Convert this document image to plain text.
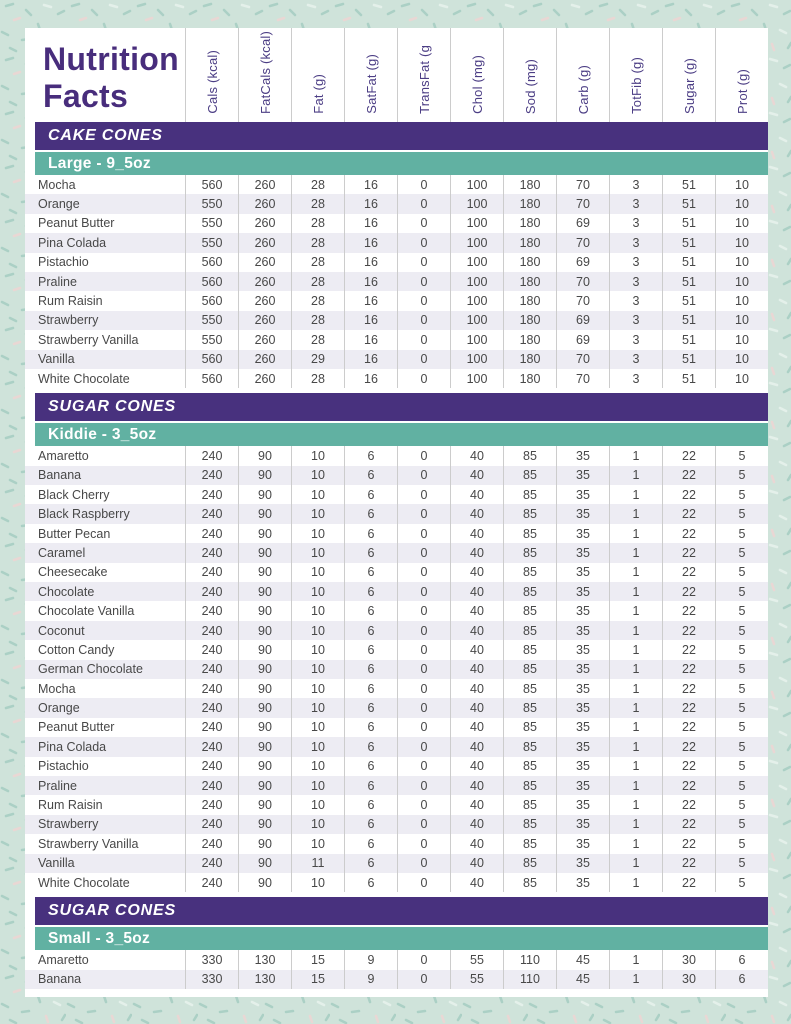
Nutrition
Facts	Cals (kcal)	FatCals (kcal)	Fat (g)	SatFat (g)	TransFat (g	Chol (mg)	Sod (mg)	Carb (g)	TotFib (g)	Sugar (g)	Prot (g)
CAKE CONES
Large - 9_5oz
Mocha	560	260	28	16	0	100	180	70	3	51	10
Orange	550	260	28	16	0	100	180	70	3	51	10
Peanut Butter	550	260	28	16	0	100	180	69	3	51	10
Pina Colada	550	260	28	16	0	100	180	70	3	51	10
Pistachio	560	260	28	16	0	100	180	69	3	51	10
Praline	560	260	28	16	0	100	180	70	3	51	10
Rum Raisin	560	260	28	16	0	100	180	70	3	51	10
Strawberry	550	260	28	16	0	100	180	69	3	51	10
Strawberry Vanilla	550	260	28	16	0	100	180	69	3	51	10
Vanilla	560	260	29	16	0	100	180	70	3	51	10
White Chocolate	560	260	28	16	0	100	180	70	3	51	10
SUGAR CONES
Kiddie - 3_5oz
Amaretto	240	90	10	6	0	40	85	35	1	22	5
Banana	240	90	10	6	0	40	85	35	1	22	5
Black Cherry	240	90	10	6	0	40	85	35	1	22	5
Black Raspberry	240	90	10	6	0	40	85	35	1	22	5
Butter Pecan	240	90	10	6	0	40	85	35	1	22	5
Caramel	240	90	10	6	0	40	85	35	1	22	5
Cheesecake	240	90	10	6	0	40	85	35	1	22	5
Chocolate	240	90	10	6	0	40	85	35	1	22	5
Chocolate Vanilla	240	90	10	6	0	40	85	35	1	22	5
Coconut	240	90	10	6	0	40	85	35	1	22	5
Cotton Candy	240	90	10	6	0	40	85	35	1	22	5
German Chocolate	240	90	10	6	0	40	85	35	1	22	5
Mocha	240	90	10	6	0	40	85	35	1	22	5
Orange	240	90	10	6	0	40	85	35	1	22	5
Peanut Butter	240	90	10	6	0	40	85	35	1	22	5
Pina Colada	240	90	10	6	0	40	85	35	1	22	5
Pistachio	240	90	10	6	0	40	85	35	1	22	5
Praline	240	90	10	6	0	40	85	35	1	22	5
Rum Raisin	240	90	10	6	0	40	85	35	1	22	5
Strawberry	240	90	10	6	0	40	85	35	1	22	5
Strawberry Vanilla	240	90	10	6	0	40	85	35	1	22	5
Vanilla	240	90	11	6	0	40	85	35	1	22	5
White Chocolate	240	90	10	6	0	40	85	35	1	22	5
SUGAR CONES
Small - 3_5oz
Amaretto	330	130	15	9	0	55	110	45	1	30	6
Banana	330	130	15	9	0	55	110	45	1	30	6
